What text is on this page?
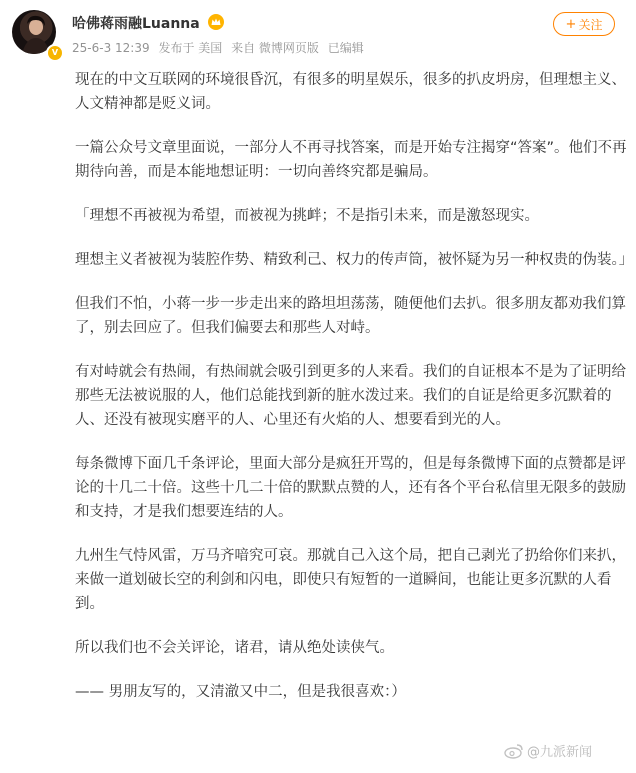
V
哈佛蒋雨融Luanna
25-6-3 12:39 发布于 美国 来自 微博网页版 已编辑
+ 关注

现在的中文互联网的环境很昏沉，有很多的明星娱乐，很多的扒皮坍房，但理想主义、人文精神都是贬义词。

一篇公众号文章里面说，一部分人不再寻找答案，而是开始专注揭穿“答案”。他们不再期待向善，而是本能地想证明：一切向善终究都是骗局。

「理想不再被视为希望，而被视为挑衅；不是指引未来，而是激怒现实。

理想主义者被视为装腔作势、精致利己、权力的传声筒，被怀疑为另一种权贵的伪装。」

但我们不怕，小蒋一步一步走出来的路坦坦荡荡，随便他们去扒。很多朋友都劝我们算了，别去回应了。但我们偏要去和那些人对峙。

有对峙就会有热闹，有热闹就会吸引到更多的人来看。我们的自证根本不是为了证明给那些无法被说服的人，他们总能找到新的脏水泼过来。我们的自证是给更多沉默着的人、还没有被现实磨平的人、心里还有火焰的人、想要看到光的人。

每条微博下面几千条评论，里面大部分是疯狂开骂的，但是每条微博下面的点赞都是评论的十几二十倍。这些十几二十倍的默默点赞的人，还有各个平台私信里无限多的鼓励和支持，才是我们想要连结的人。

九州生气恃风雷，万马齐喑究可哀。那就自己入这个局，把自己剥光了扔给你们来扒，来做一道划破长空的利剑和闪电，即使只有短暂的一道瞬间，也能让更多沉默的人看到。

所以我们也不会关评论，诸君，请从绝处读侠气。

—— 男朋友写的，又清澈又中二，但是我很喜欢：）

@九派新闻
